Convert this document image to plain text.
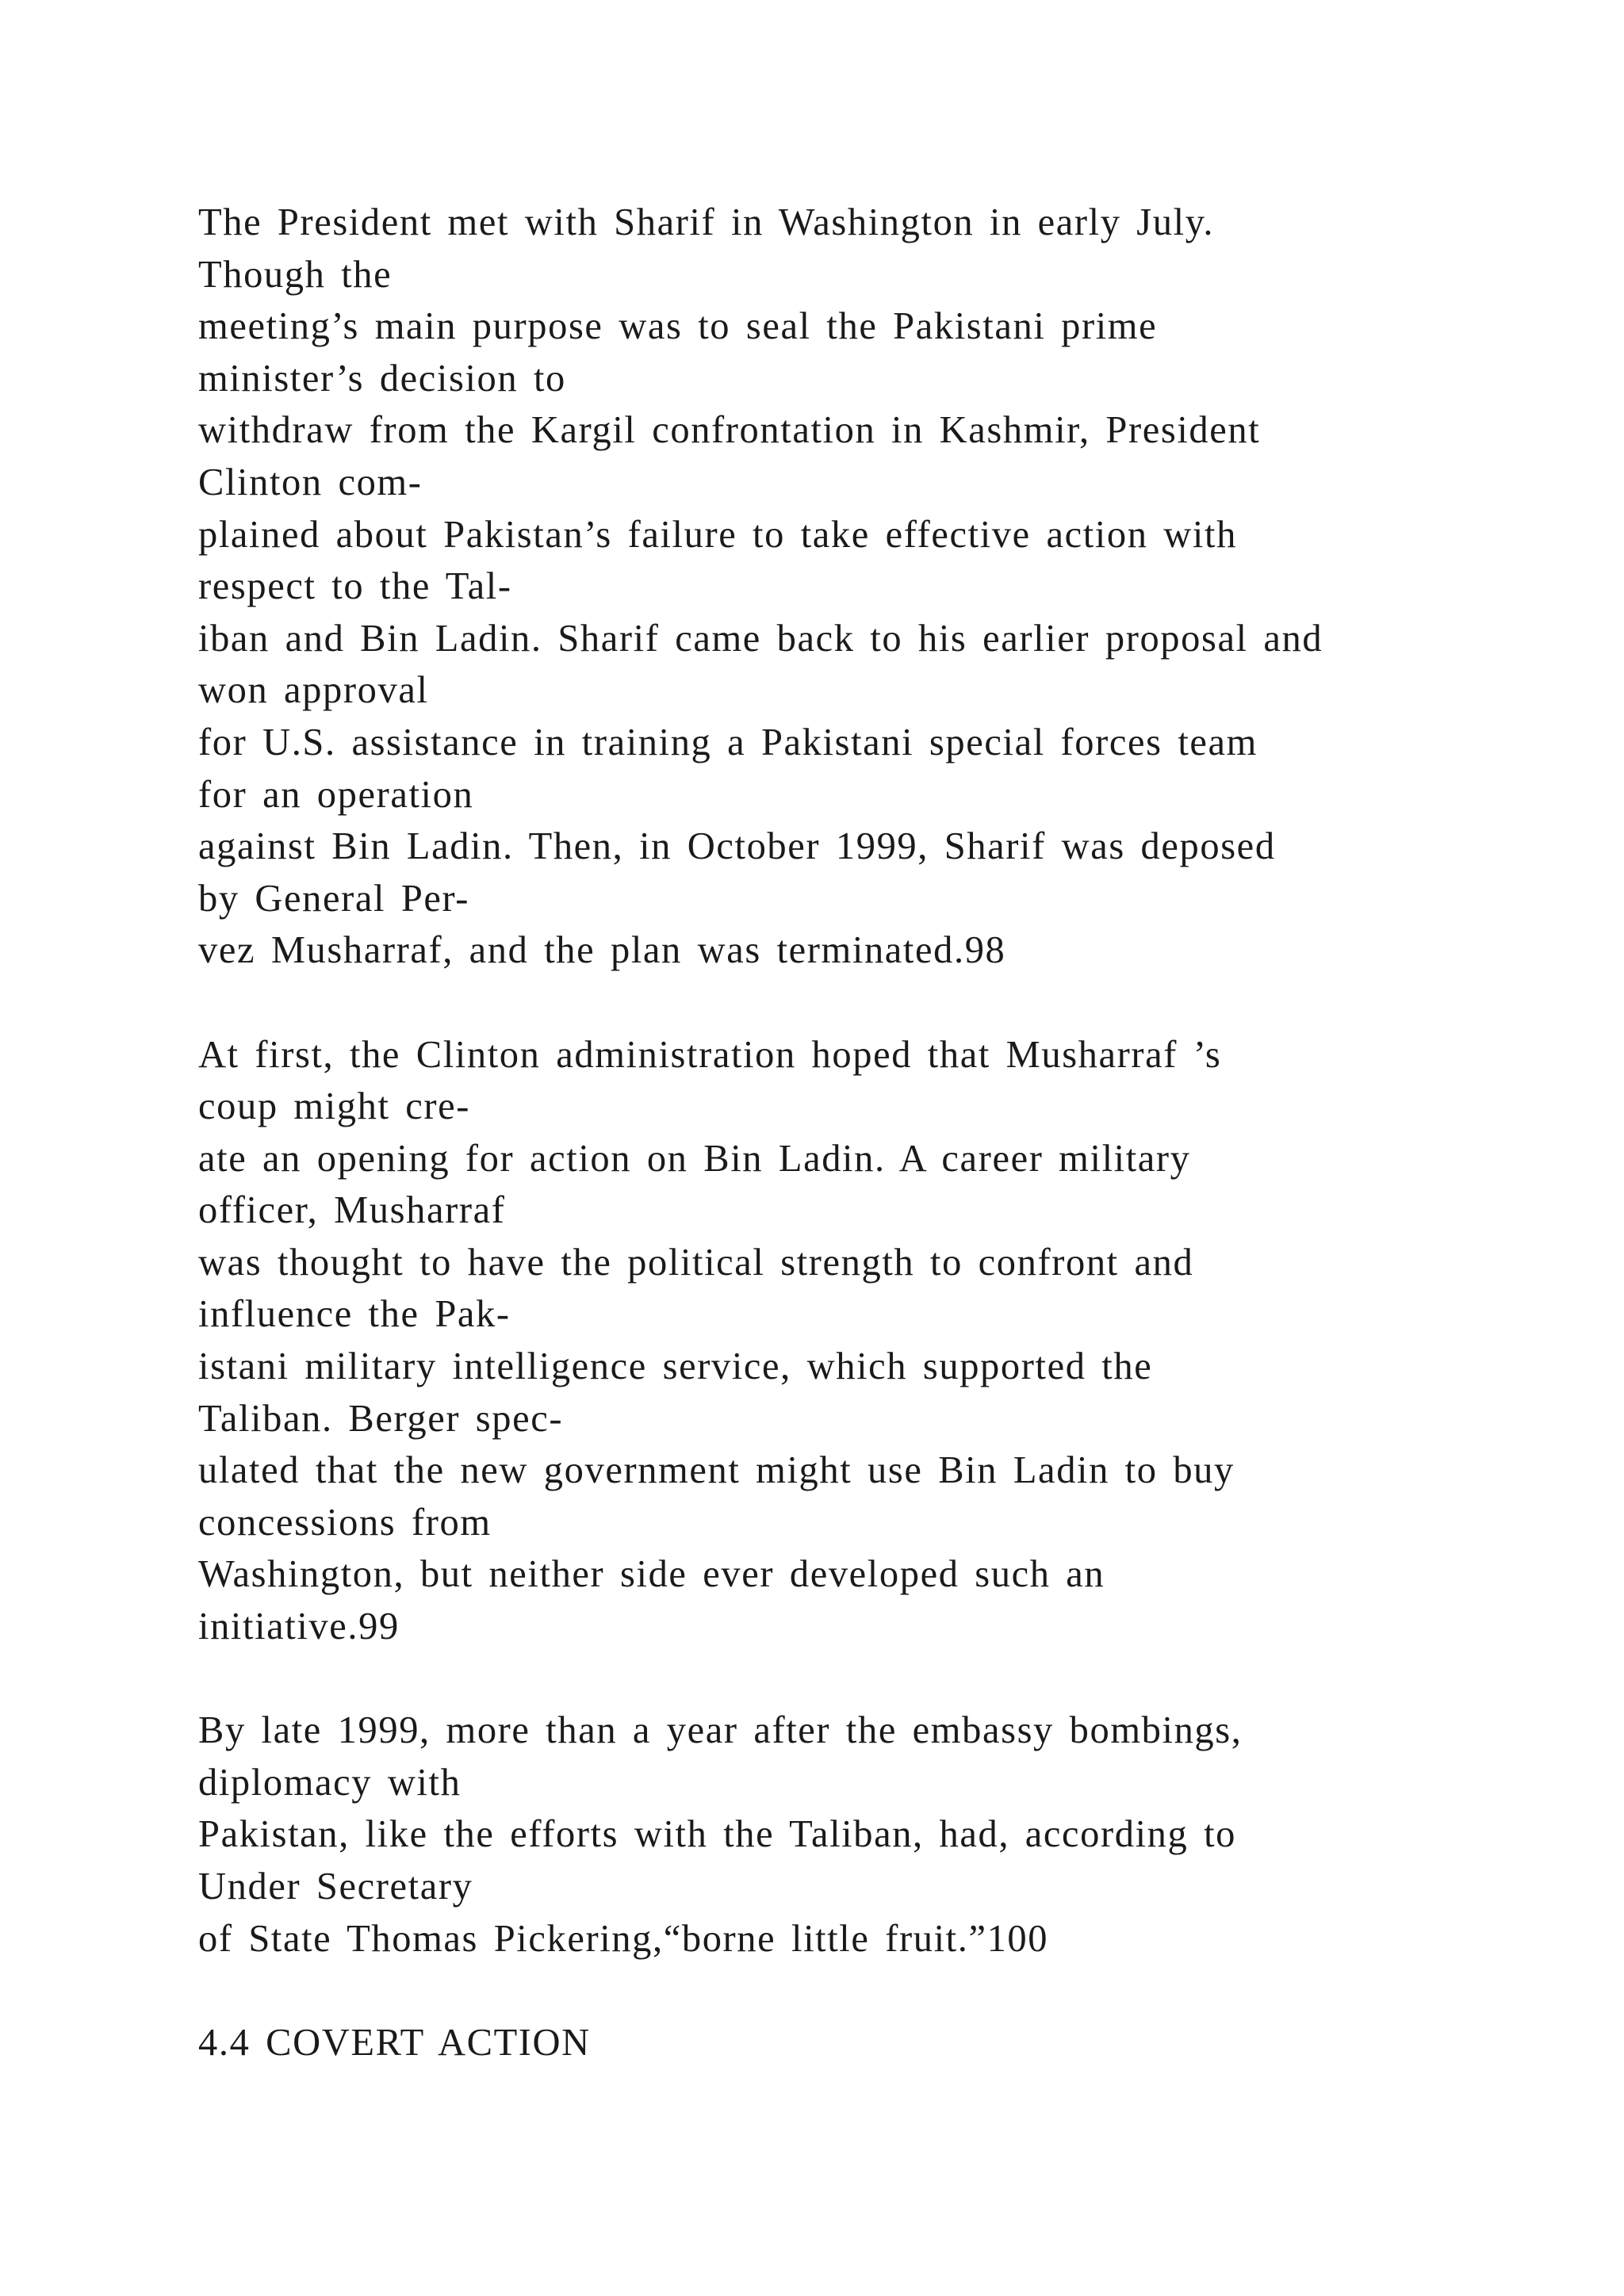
The President met with Sharif in Washington in early July.
Though the
meeting’s main purpose was to seal the Pakistani prime
minister’s decision to
withdraw from the Kargil confrontation in Kashmir, President
Clinton com-
plained about Pakistan’s failure to take effective action with
respect to the Tal-
iban and Bin Ladin. Sharif came back to his earlier proposal and
won approval
for U.S. assistance in training a Pakistani special forces team
for an operation
against Bin Ladin. Then, in October 1999, Sharif was deposed
by General Per-
vez Musharraf, and the plan was terminated.98
At first, the Clinton administration hoped that Musharraf ’s
coup might cre-
ate an opening for action on Bin Ladin. A career military
officer, Musharraf
was thought to have the political strength to confront and
influence the Pak-
istani military intelligence service, which supported the
Taliban. Berger spec-
ulated that the new government might use Bin Ladin to buy
concessions from
Washington, but neither side ever developed such an
initiative.99
By late 1999, more than a year after the embassy bombings,
diplomacy with
Pakistan, like the efforts with the Taliban, had, according to
Under Secretary
of State Thomas Pickering,“borne little fruit.”100
4.4 COVERT ACTION
